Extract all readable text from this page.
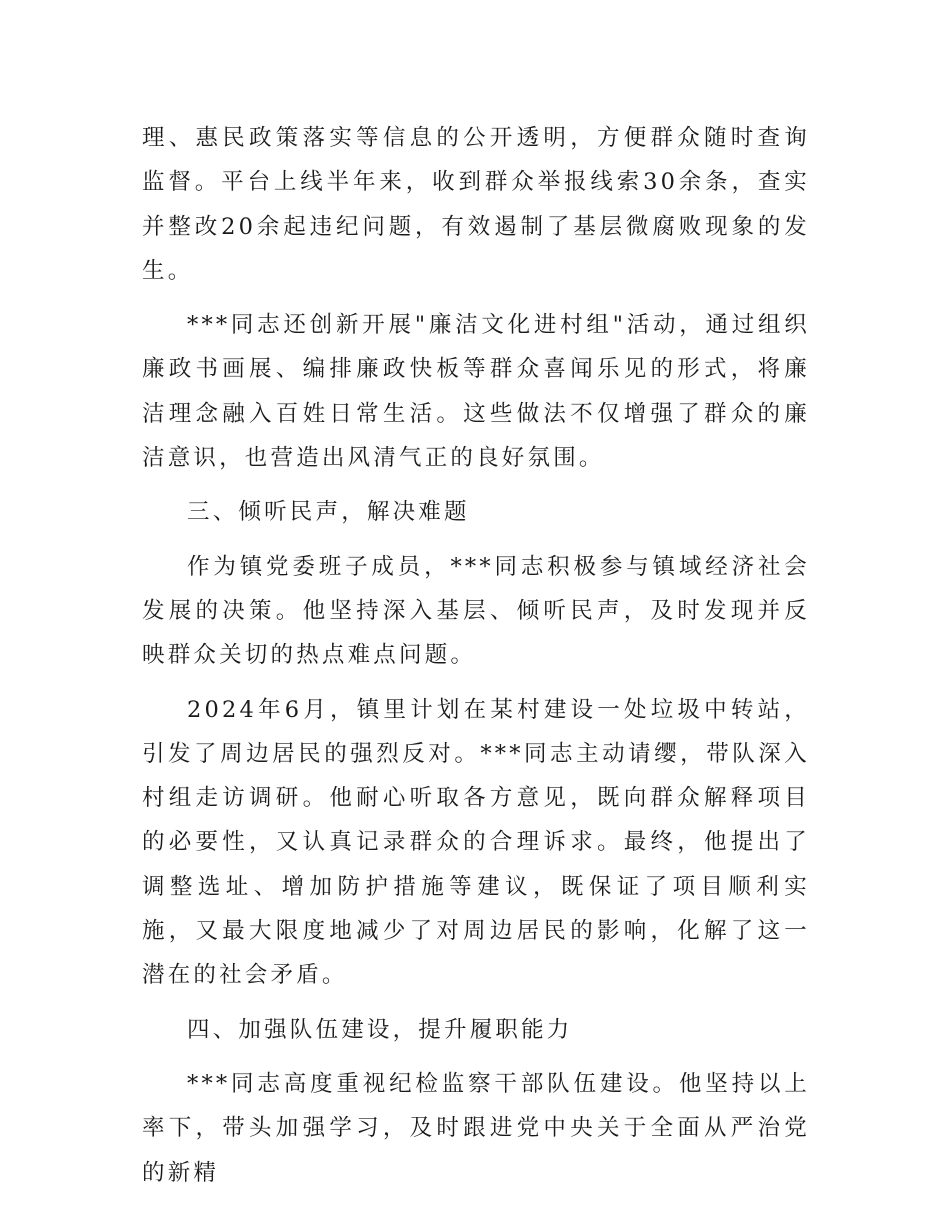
理、惠民政策落实等信息的公开透明，方便群众随时查询监督。平台上线半年来，收到群众举报线索30余条，查实并整改20余起违纪问题，有效遏制了基层微腐败现象的发生。

***同志还创新开展"廉洁文化进村组"活动，通过组织廉政书画展、编排廉政快板等群众喜闻乐见的形式，将廉洁理念融入百姓日常生活。这些做法不仅增强了群众的廉洁意识，也营造出风清气正的良好氛围。

三、倾听民声，解决难题

作为镇党委班子成员，***同志积极参与镇域经济社会发展的决策。他坚持深入基层、倾听民声，及时发现并反映群众关切的热点难点问题。

2024年6月，镇里计划在某村建设一处垃圾中转站，引发了周边居民的强烈反对。***同志主动请缨，带队深入村组走访调研。他耐心听取各方意见，既向群众解释项目的必要性，又认真记录群众的合理诉求。最终，他提出了调整选址、增加防护措施等建议，既保证了项目顺利实施，又最大限度地减少了对周边居民的影响，化解了这一潜在的社会矛盾。

四、加强队伍建设，提升履职能力

***同志高度重视纪检监察干部队伍建设。他坚持以上率下，带头加强学习，及时跟进党中央关于全面从严治党的新精
